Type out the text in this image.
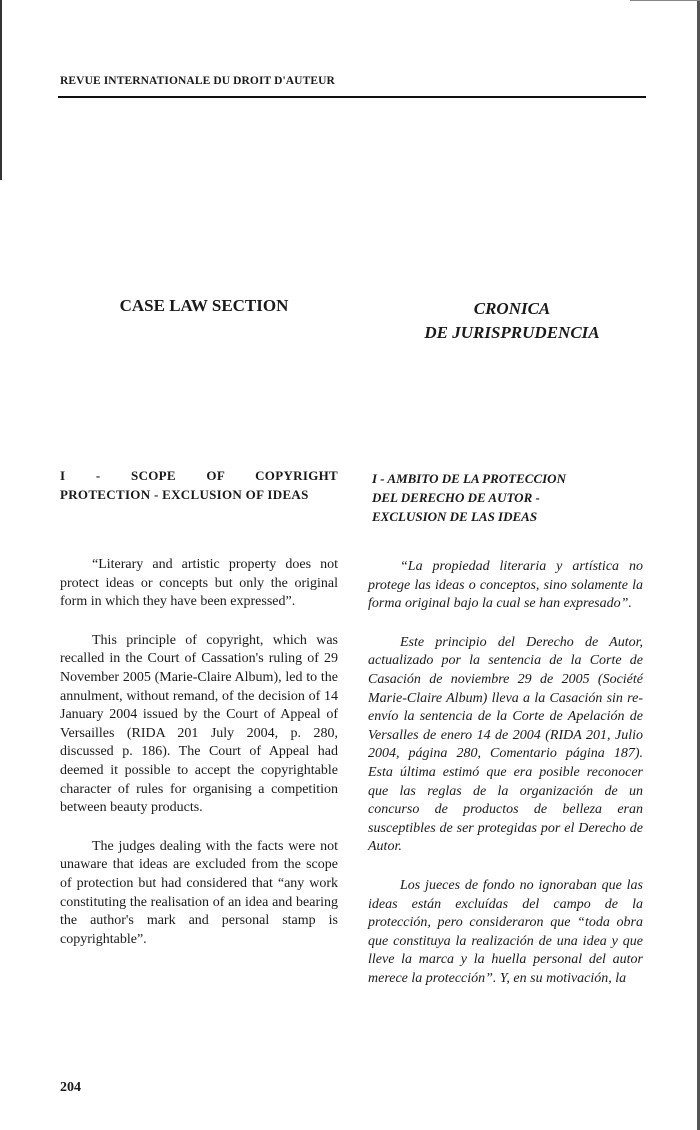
REVUE INTERNATIONALE DU DROIT D'AUTEUR
CASE LAW SECTION	CRONICA
DE JURISPRUDENCIA
I - SCOPE OF COPYRIGHT
PROTECTION - EXCLUSION OF IDEAS
I - AMBITO DE LA PROTECCION
DEL DERECHO DE AUTOR -
EXCLUSION DE LAS IDEAS

“Literary and artistic property does not protect ideas or concepts but only the original form in which they have been expressed”.

This principle of copyright, which was recalled in the Court of Cassation's ruling of 29 November 2005 (Marie-Claire Album), led to the annulment, without remand, of the decision of 14 January 2004 issued by the Court of Appeal of Versailles (RIDA 201 July 2004, p. 280, discussed p. 186). The Court of Appeal had deemed it possible to accept the copyrightable character of rules for organising a competition between beauty products.

The judges dealing with the facts were not unaware that ideas are excluded from the scope of protection but had considered that “any work constituting the realisation of an idea and bearing the author's mark and personal stamp is copyrightable”.

“La propiedad literaria y artística no protege las ideas o conceptos, sino solamente la forma original bajo la cual se han expresado”.

Este principio del Derecho de Autor, actualizado por la sentencia de la Corte de Casación de noviembre 29 de 2005 (Société Marie-Claire Album) lleva a la Casación sin re-envío la sentencia de la Corte de Apelación de Versalles de enero 14 de 2004 (RIDA 201, Julio 2004, página 280, Comentario página 187). Esta última estimó que era posible reconocer que las reglas de la organización de un concurso de productos de belleza eran susceptibles de ser protegidas por el Derecho de Autor.

Los jueces de fondo no ignoraban que las ideas están excluídas del campo de la protección, pero consideraron que “toda obra que constituya la realización de una idea y que lleve la marca y la huella personal del autor merece la protección”. Y, en su motivación, la

204
